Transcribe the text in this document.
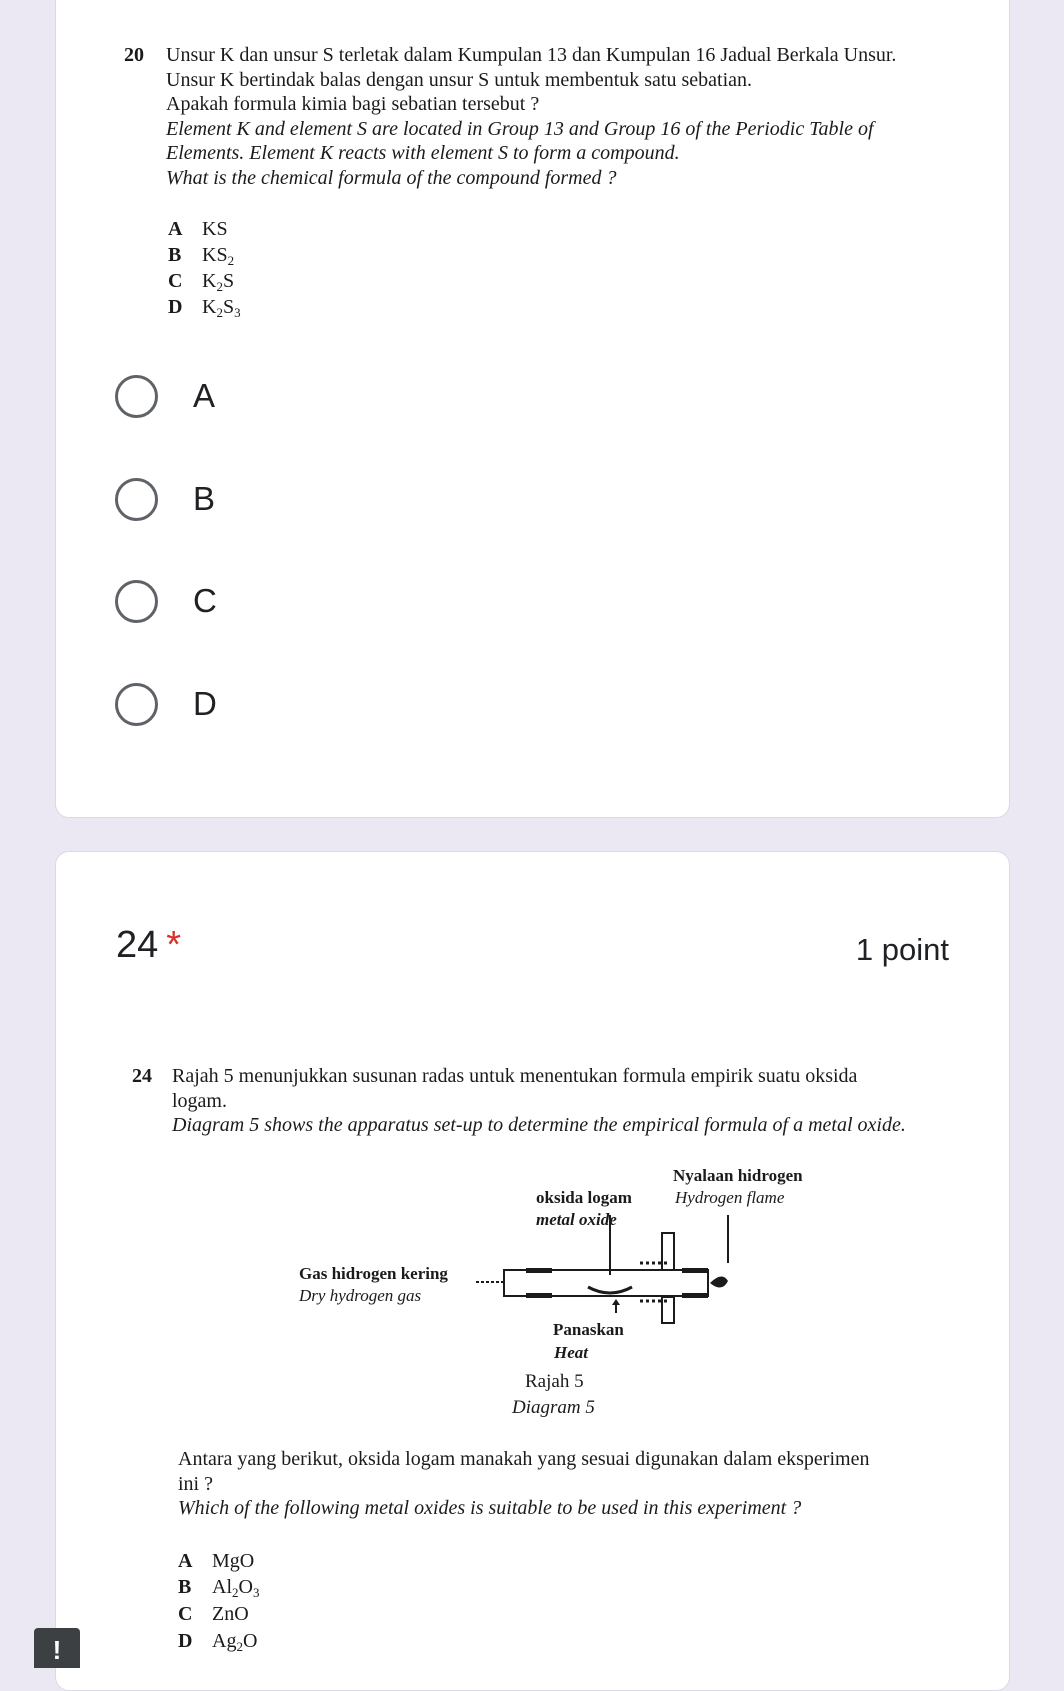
20 Unsur K dan unsur S terletak dalam Kumpulan 13 dan Kumpulan 16 Jadual Berkala Unsur.
Unsur K bertindak balas dengan unsur S untuk membentuk satu sebatian.
Apakah formula kimia bagi sebatian tersebut ?
Element K and element S are located in Group 13 and Group 16 of the Periodic Table of
Elements. Element K reacts with element S to form a compound.
What is the chemical formula of the compound formed ?
A KS
B $KS_2$
C $K_2S$
D $K_2S_3$
A
B
C
D
24 *	1 point
24 Rajah 5 menunjukkan susunan radas untuk menentukan formula empirik suatu oksida
logam.
Diagram 5 shows the apparatus set-up to determine the empirical formula of a metal oxide.
Nyalaan hidrogen
Hydrogen flame
oksida logam
metal oxide
Gas hidrogen kering
Dry hydrogen gas
Panaskan
Heat
Rajah 5
Diagram 5
Antara yang berikut, oksida logam manakah yang sesuai digunakan dalam eksperimen
ini ?
Which of the following metal oxides is suitable to be used in this experiment ?
A MgO
B $Al_2O_3$
C ZnO
D $Ag_2O$
!
